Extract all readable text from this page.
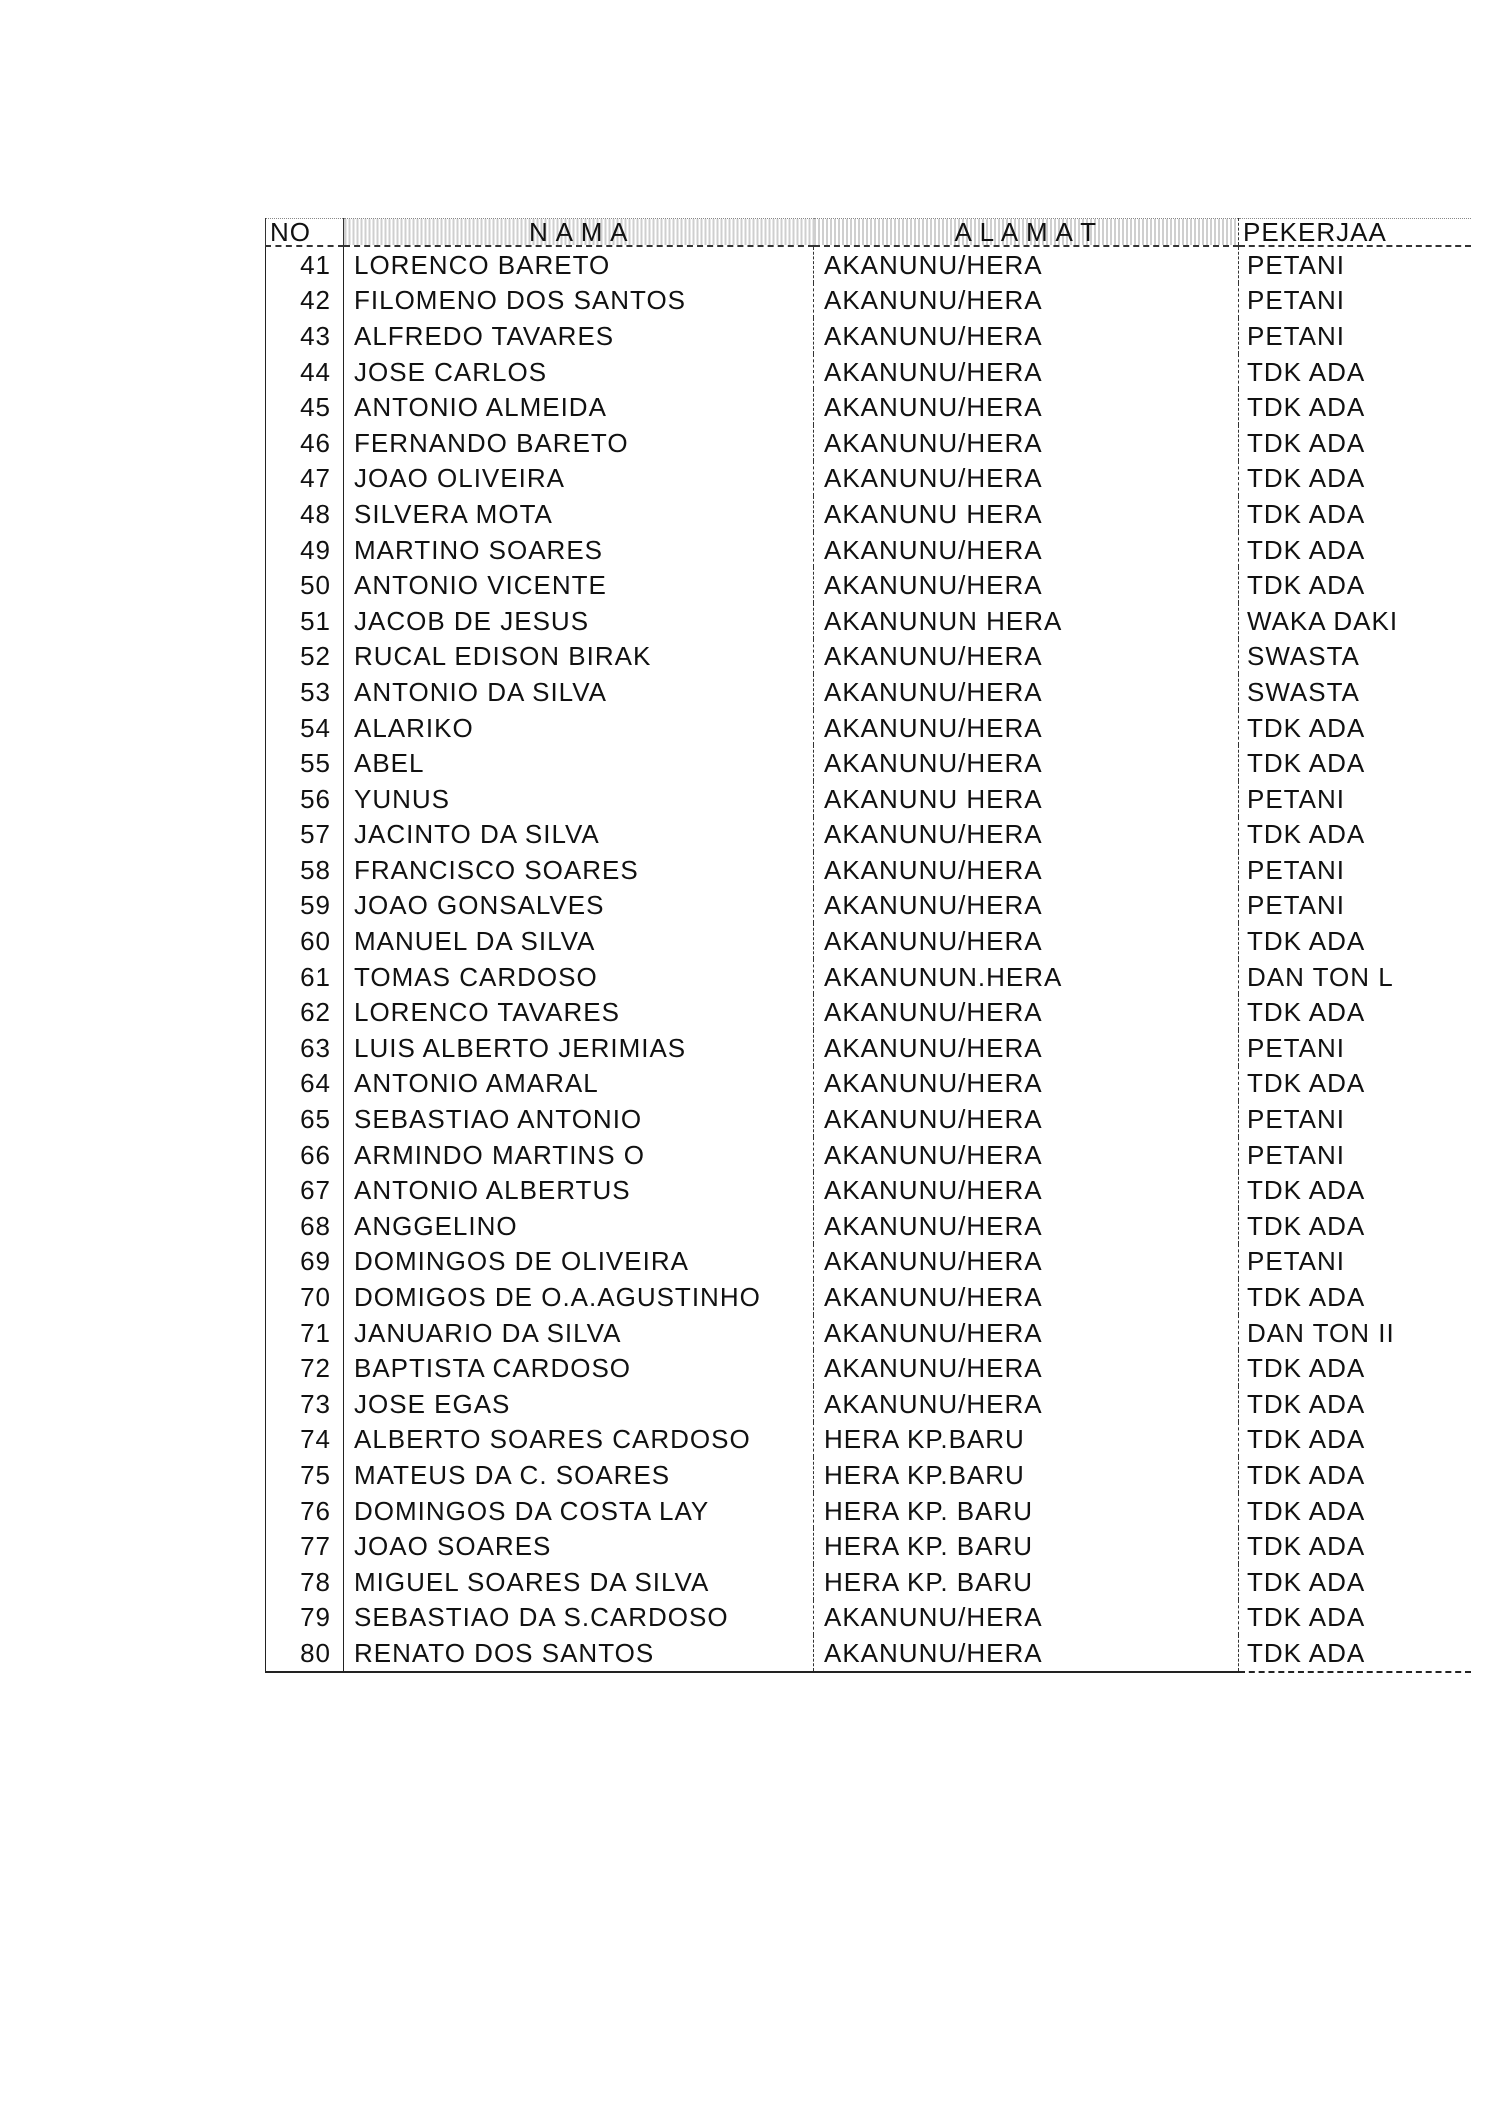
NO	N A M A	A L A M A T	PEKERJAA
41	LORENCO BARETO	AKANUNU/HERA	PETANI
42	FILOMENO DOS SANTOS	AKANUNU/HERA	PETANI
43	ALFREDO TAVARES	AKANUNU/HERA	PETANI
44	JOSE CARLOS	AKANUNU/HERA	TDK ADA
45	ANTONIO ALMEIDA	AKANUNU/HERA	TDK ADA
46	FERNANDO BARETO	AKANUNU/HERA	TDK ADA
47	JOAO OLIVEIRA	AKANUNU/HERA	TDK ADA
48	SILVERA MOTA	AKANUNU HERA	TDK ADA
49	MARTINO SOARES	AKANUNU/HERA	TDK ADA
50	ANTONIO VICENTE	AKANUNU/HERA	TDK ADA
51	JACOB DE JESUS	AKANUNUN HERA	WAKA DAKI
52	RUCAL EDISON BIRAK	AKANUNU/HERA	SWASTA
53	ANTONIO DA SILVA	AKANUNU/HERA	SWASTA
54	ALARIKO	AKANUNU/HERA	TDK ADA
55	ABEL	AKANUNU/HERA	TDK ADA
56	YUNUS	AKANUNU HERA	PETANI
57	JACINTO DA SILVA	AKANUNU/HERA	TDK ADA
58	FRANCISCO SOARES	AKANUNU/HERA	PETANI
59	JOAO GONSALVES	AKANUNU/HERA	PETANI
60	MANUEL DA SILVA	AKANUNU/HERA	TDK ADA
61	TOMAS CARDOSO	AKANUNUN.HERA	DAN TON L
62	LORENCO TAVARES	AKANUNU/HERA	TDK ADA
63	LUIS ALBERTO JERIMIAS	AKANUNU/HERA	PETANI
64	ANTONIO AMARAL	AKANUNU/HERA	TDK ADA
65	SEBASTIAO ANTONIO	AKANUNU/HERA	PETANI
66	ARMINDO MARTINS O	AKANUNU/HERA	PETANI
67	ANTONIO ALBERTUS	AKANUNU/HERA	TDK ADA
68	ANGGELINO	AKANUNU/HERA	TDK ADA
69	DOMINGOS DE OLIVEIRA	AKANUNU/HERA	PETANI
70	DOMIGOS DE O.A.AGUSTINHO	AKANUNU/HERA	TDK ADA
71	JANUARIO DA SILVA	AKANUNU/HERA	DAN TON II
72	BAPTISTA CARDOSO	AKANUNU/HERA	TDK ADA
73	JOSE EGAS	AKANUNU/HERA	TDK ADA
74	ALBERTO SOARES CARDOSO	HERA KP.BARU	TDK ADA
75	MATEUS DA C. SOARES	HERA KP.BARU	TDK ADA
76	DOMINGOS DA COSTA LAY	HERA KP. BARU	TDK ADA
77	JOAO SOARES	HERA KP. BARU	TDK ADA
78	MIGUEL SOARES DA SILVA	HERA KP. BARU	TDK ADA
79	SEBASTIAO DA S.CARDOSO	AKANUNU/HERA	TDK ADA
80	RENATO DOS SANTOS	AKANUNU/HERA	TDK ADA
